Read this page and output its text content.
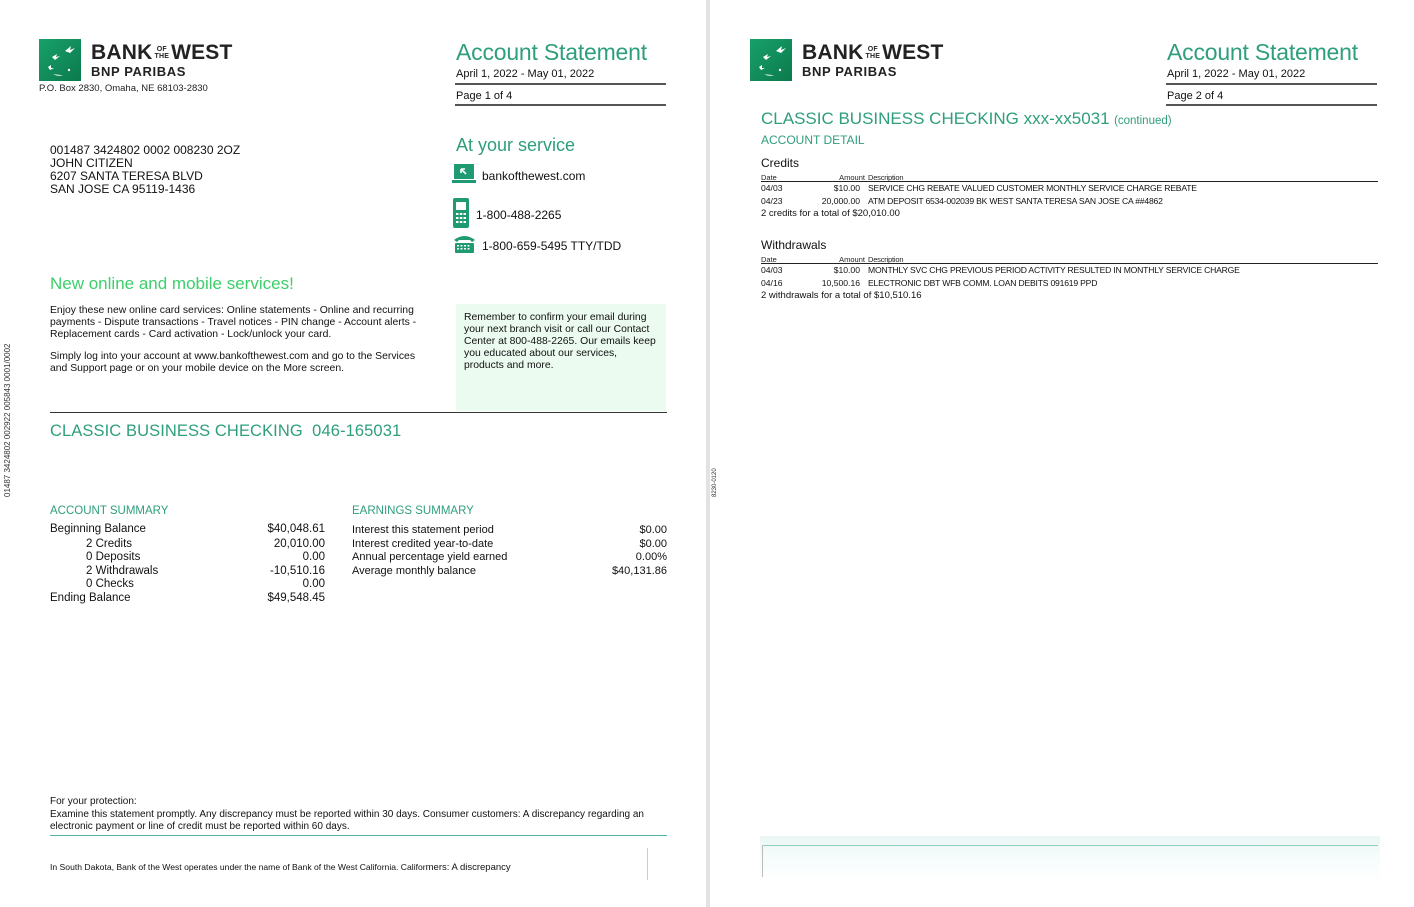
01487 3424802 002922 005843 0001/0002
BANK OF
THE WEST
BNP PARIBAS
P.O. Box 2830, Omaha, NE 68103-2830
Account Statement
April 1, 2022 - May 01, 2022
Page 1 of 4
001487 3424802 0002 008230 2OZ
JOHN CITIZEN
6207 SANTA TERESA BLVD
SAN JOSE CA 95119-1436
At your service
bankofthewest.com
1-800-488-2265
1-800-659-5495 TTY/TDD
New online and mobile services!
Enjoy these new online card services: Online statements - Online and recurring payments - Dispute transactions - Travel notices - PIN change - Account alerts - Replacement cards - Card activation - Lock/unlock your card.
Simply log into your account at www.bankofthewest.com and go to the Services and Support page or on your mobile device on the More screen.
Remember to confirm your email during your next branch visit or call our Contact Center at 800-488-2265. Our emails keep you educated about our services, products and more.
CLASSIC BUSINESS CHECKING  046-165031
ACCOUNT SUMMARY
Beginning Balance	$40,048.61
2 Credits	20,010.00
0 Deposits	0.00
2 Withdrawals	-10,510.16
0 Checks	0.00
Ending Balance	$49,548.45
EARNINGS SUMMARY
Interest this statement period	$0.00
Interest credited year-to-date	$0.00
Annual percentage yield earned	0.00%
Average monthly balance	$40,131.86
For your protection:
Examine this statement promptly. Any discrepancy must be reported within 30 days. Consumer customers: A discrepancy regarding an electronic payment or line of credit must be reported within 60 days.
In South Dakota, Bank of the West operates under the name of Bank of the West California. Califormers: A discrepancy
8230-0120
BANK OF
THE WEST
BNP PARIBAS
Account Statement
April 1, 2022 - May 01, 2022
Page 2 of 4
CLASSIC BUSINESS CHECKING xxx-xx5031 (continued)
ACCOUNT DETAIL
Credits
Date	Amount Description
04/03	$10.00 SERVICE CHG REBATE VALUED CUSTOMER MONTHLY SERVICE CHARGE REBATE
04/23	20,000.00 ATM DEPOSIT 6534-002039 BK WEST SANTA TERESA SAN JOSE CA ##4862
2 credits for a total of $20,010.00
Withdrawals
Date	Amount Description
04/03	$10.00 MONTHLY SVC CHG PREVIOUS PERIOD ACTIVITY RESULTED IN MONTHLY SERVICE CHARGE
04/16	10,500.16 ELECTRONIC DBT WFB COMM. LOAN DEBITS 091619 PPD
2 withdrawals for a total of $10,510.16
